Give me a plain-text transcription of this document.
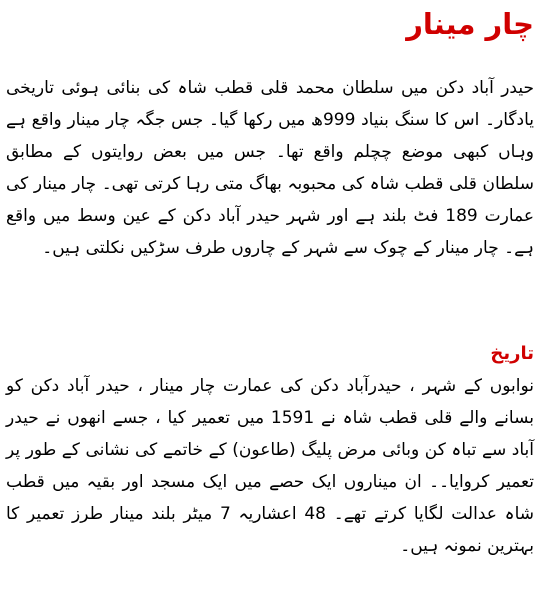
چار مینار

حیدر آباد دکن میں سلطان محمد قلی قطب شاہ کی بنائی ہوئی تاریخی یادگار۔ اس کا سنگ بنیاد 999ھ میں رکھا گیا۔ جس جگہ چار مینار واقع ہے وہاں کبھی موضع چچلم واقع تھا۔ جس میں بعض روایتوں کے مطابق سلطان قلی قطب شاہ کی محبوبہ بھاگ متی رہا کرتی تھی۔ چار مینار کی عمارت 189 فٹ بلند ہے اور شہر حیدر آباد دکن کے عین وسط میں واقع ہے۔ چار مینار کے چوک سے شہر کے چاروں طرف سڑکیں نکلتی ہیں۔

تاریخ

نوابوں کے شہر ، حیدرآباد دکن کی عمارت چار مینار ، حیدر آباد دکن کو بسانے والے قلی قطب شاہ نے 1591 میں تعمیر کیا ، جسے انھوں نے حیدر آباد سے تباہ کن وبائی مرض پلیگ (طاعون) کے خاتمے کی نشانی کے طور پر تعمیر کروایا۔۔ ان میناروں ایک حصے میں ایک مسجد اور بقیہ میں قطب شاہ عدالت لگایا کرتے تھے۔ 48 اعشاریہ 7 میٹر بلند مینار طرز تعمیر کا بہترین نمونہ ہیں۔
